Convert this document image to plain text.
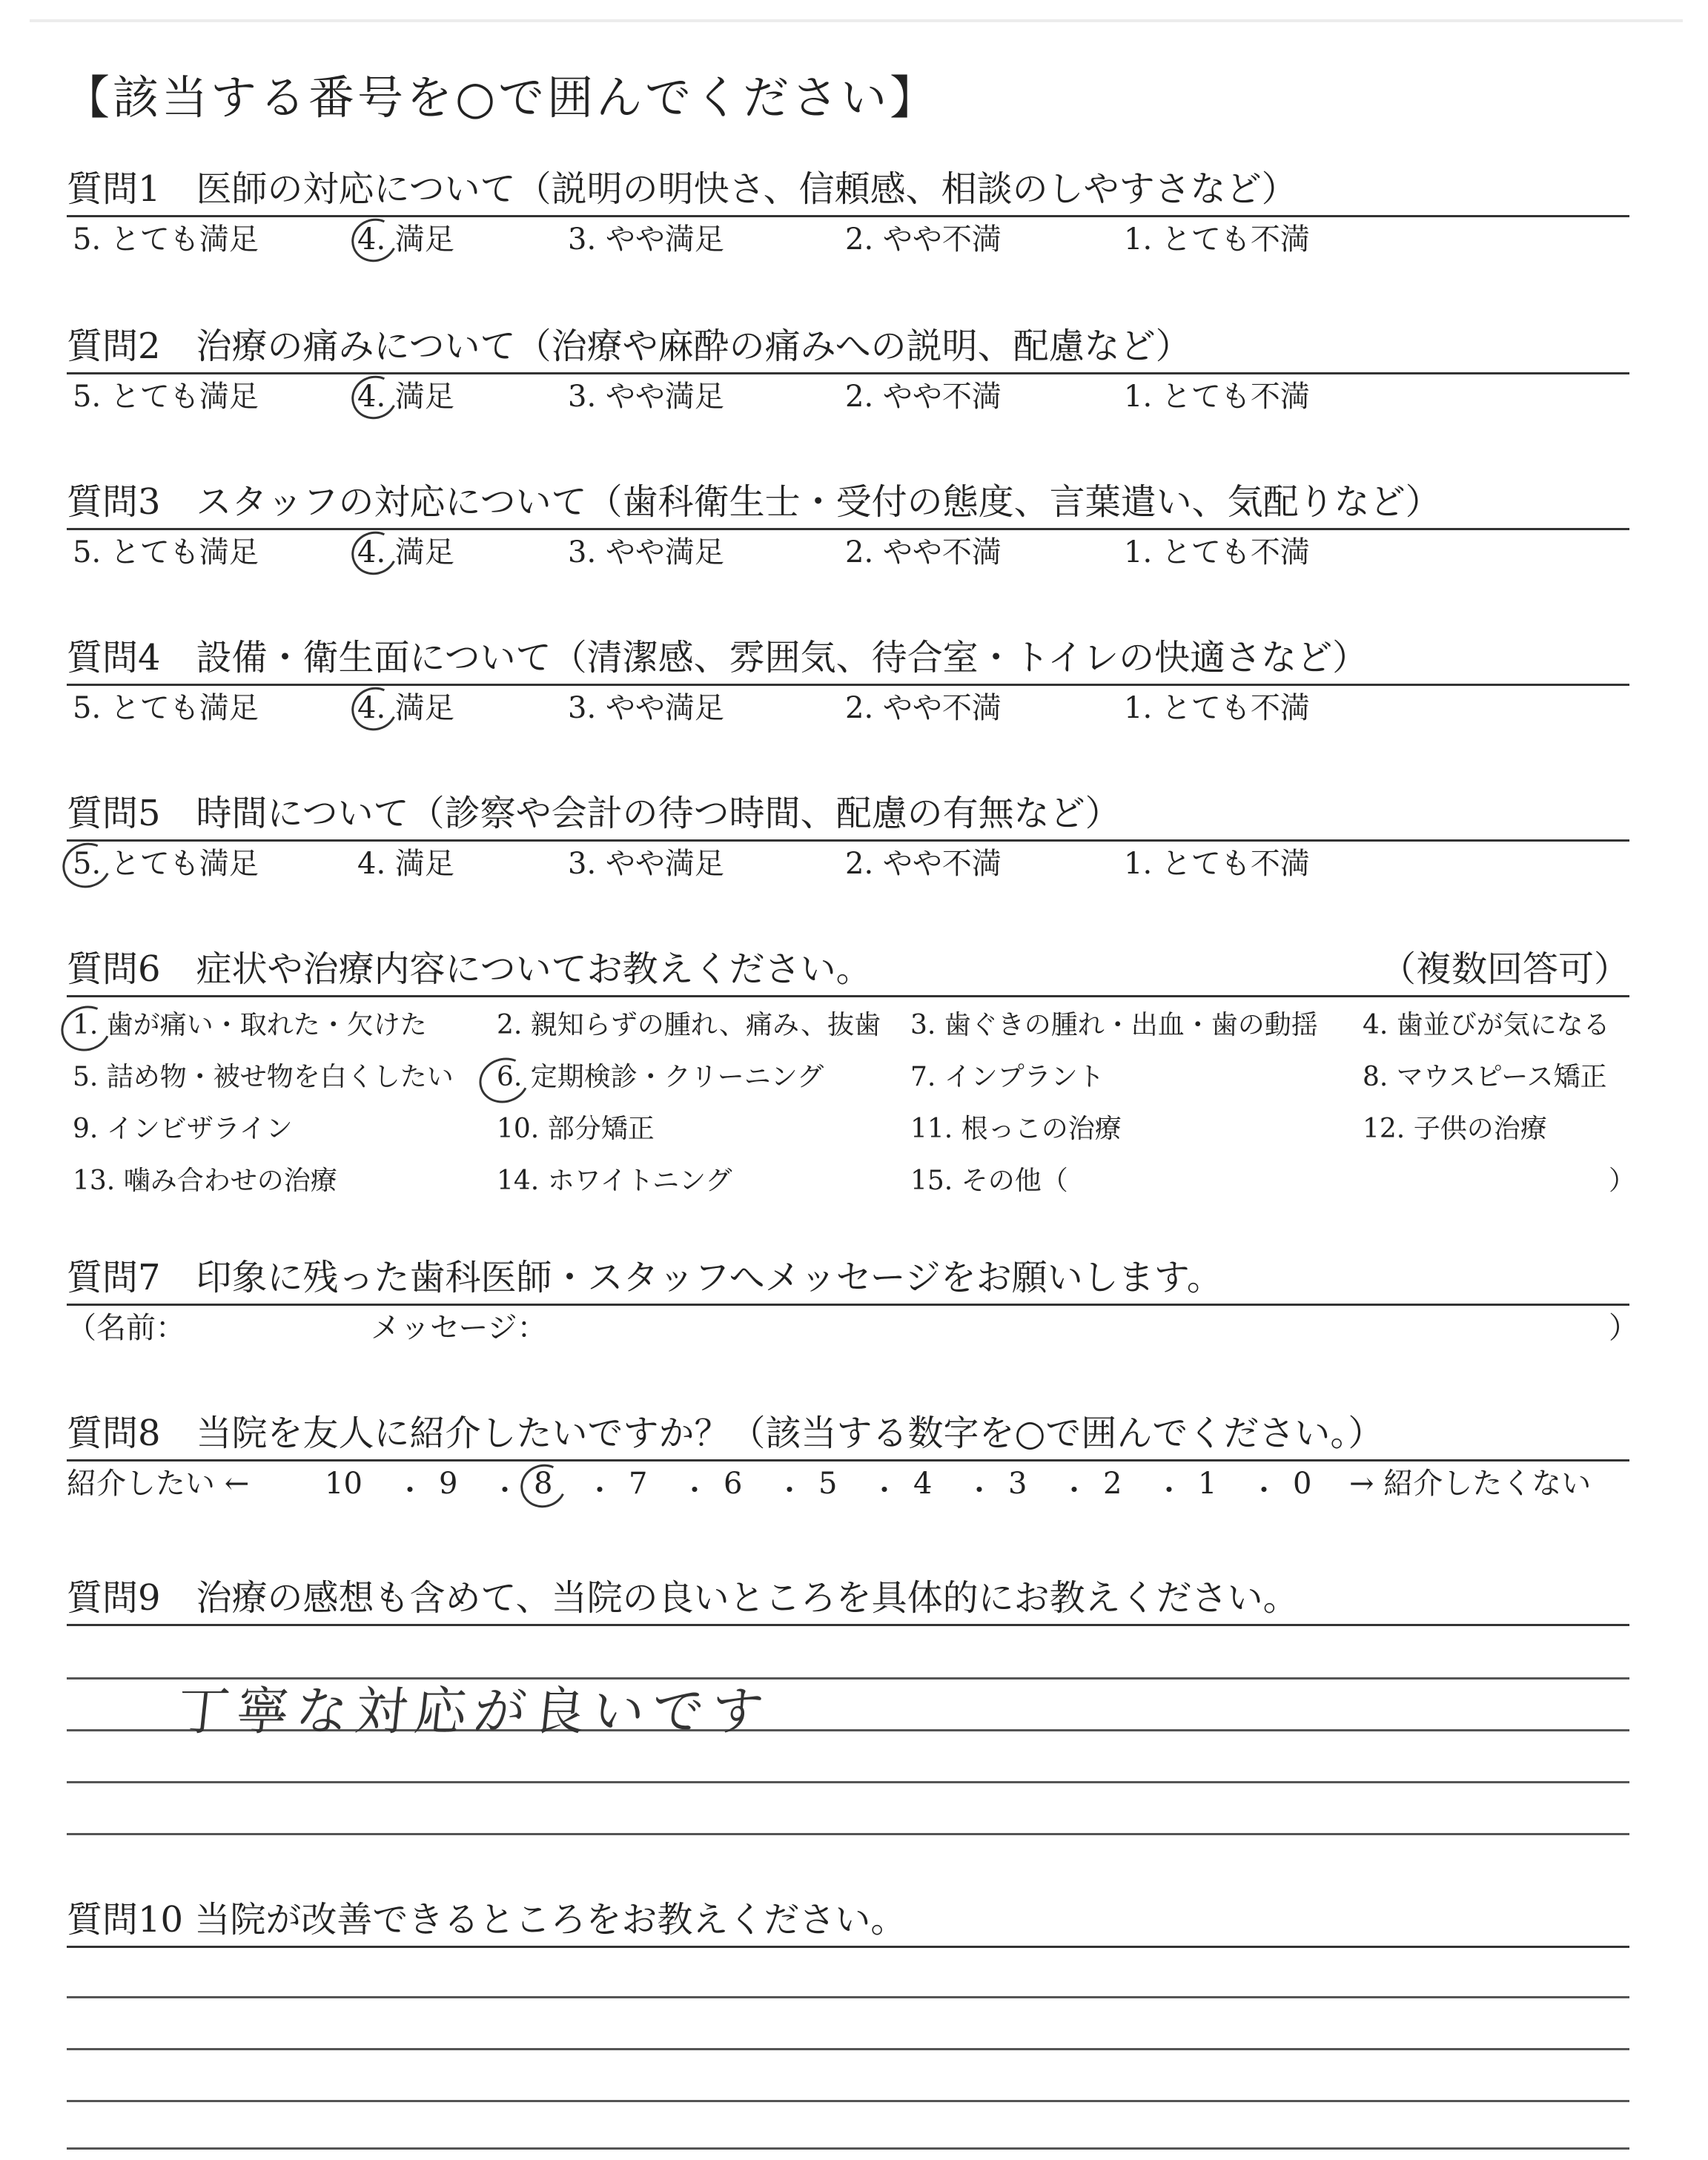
【該当する番号を○で囲んでください】
質問1　医師の対応について（説明の明快さ、信頼感、相談のしやすさなど）
5. とても満足	4. 満足	3. やや満足	2. やや不満	1. とても不満
質問2　治療の痛みについて（治療や麻酔の痛みへの説明、配慮など）
5. とても満足	4. 満足	3. やや満足	2. やや不満	1. とても不満
質問3　スタッフの対応について（歯科衛生士・受付の態度、言葉遣い、気配りなど）
5. とても満足	4. 満足	3. やや満足	2. やや不満	1. とても不満
質問4　設備・衛生面について（清潔感、雰囲気、待合室・トイレの快適さなど）
5. とても満足	4. 満足	3. やや満足	2. やや不満	1. とても不満
質問5　時間について（診察や会計の待つ時間、配慮の有無など）
5. とても満足	4. 満足	3. やや満足	2. やや不満	1. とても不満
質問6　症状や治療内容についてお教えください。	（複数回答可）
1. 歯が痛い・取れた・欠けた	2. 親知らずの腫れ、痛み、抜歯 3. 歯ぐきの腫れ・出血・歯の動揺 4. 歯並びが気になる
5. 詰め物・被せ物を白くしたい 6. 定期検診・クリーニング	7. インプラント	8. マウスピース矯正
9. インビザライン	10. 部分矯正	11. 根っこの治療	12. 子供の治療
13. 噛み合わせの治療	14. ホワイトニング	15. その他（	）
質問7　印象に残った歯科医師・スタッフへメッセージをお願いします。
（名前：	メッセージ：	）
質問8　当院を友人に紹介したいですか？（該当する数字を○で囲んでください。）
紹介したい ←	10	9	8	7	6	5	4	3	2	1	0 → 紹介したくない
・ ・ ・ ・ ・ ・ ・ ・ ・ ・
質問9　治療の感想も含めて、当院の良いところを具体的にお教えください。
丁寧な対応が良いです
質問10 当院が改善できるところをお教えください。
